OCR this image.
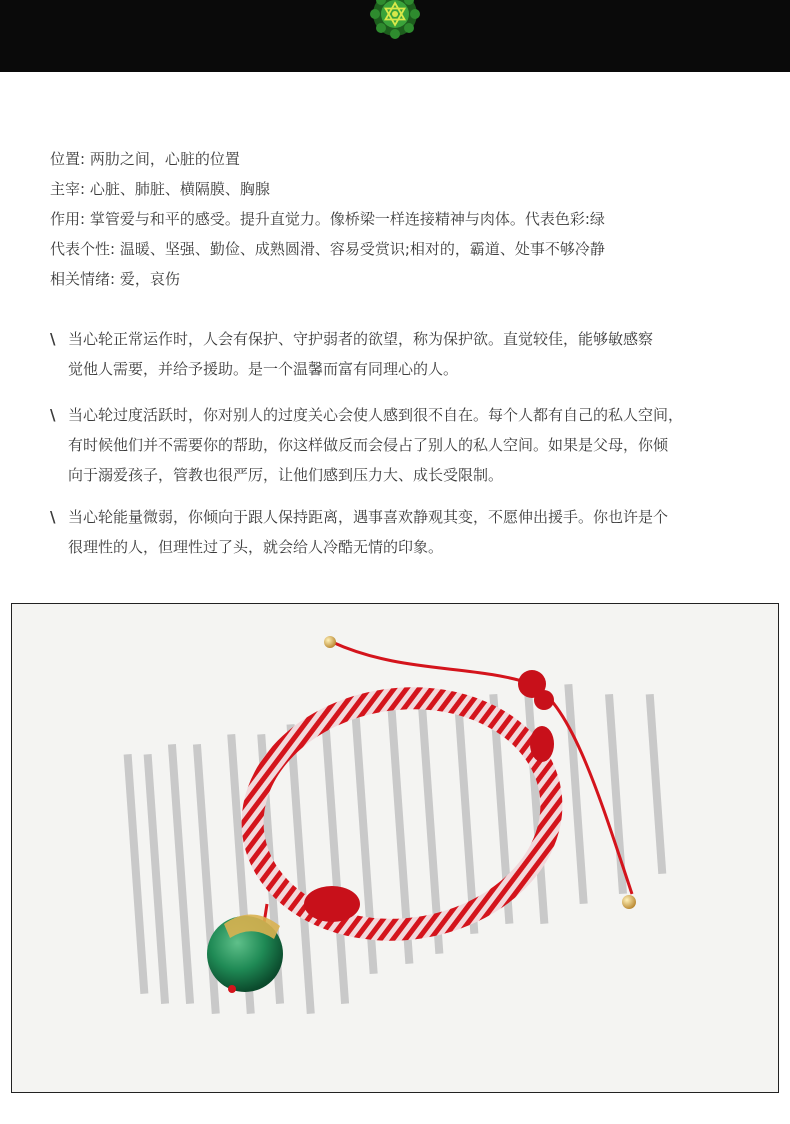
位置: 两肋之间，心脏的位置
主宰: 心脏、肺脏、横隔膜、胸腺
作用: 掌管爱与和平的感受。提升直觉力。像桥梁一样连接精神与肉体。代表色彩:绿
代表个性: 温暖、坚强、勤俭、成熟圆滑、容易受赏识;相对的，霸道、处事不够冷静
相关情绪: 爱，哀伤
\ 当心轮正常运作时，人会有保护、守护弱者的欲望，称为保护欲。直觉较佳，能够敏感察
觉他人需要，并给予援助。是一个温馨而富有同理心的人。
\ 当心轮过度活跃时，你对别人的过度关心会使人感到很不自在。每个人都有自己的私人空间，
有时候他们并不需要你的帮助，你这样做反而会侵占了别人的私人空间。如果是父母，你倾
向于溺爱孩子，管教也很严厉，让他们感到压力大、成长受限制。
\ 当心轮能量微弱，你倾向于跟人保持距离，遇事喜欢静观其变，不愿伸出援手。你也许是个
很理性的人，但理性过了头，就会给人冷酷无情的印象。
